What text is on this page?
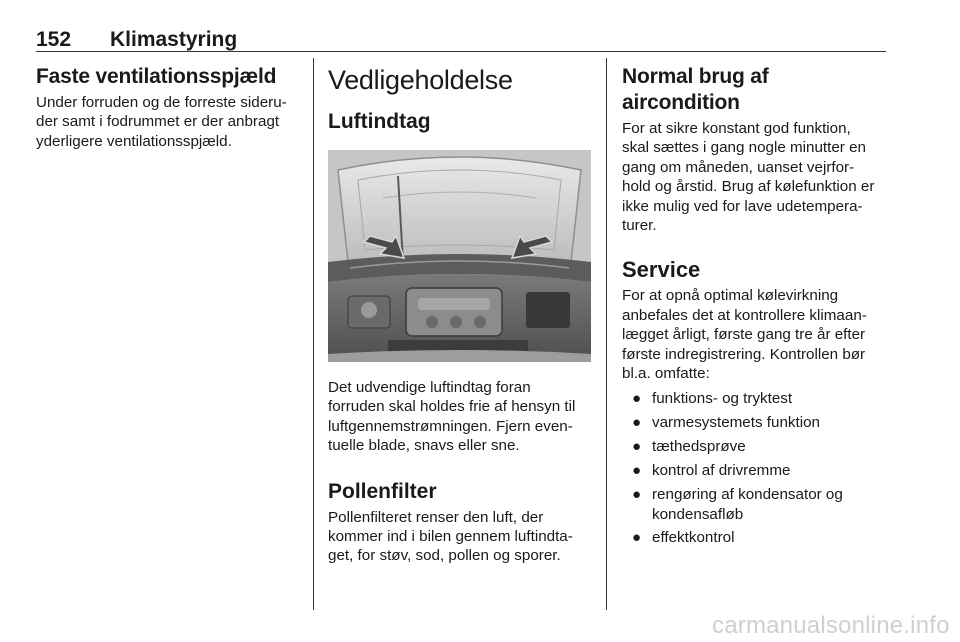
152 Klimastyring
Faste ventilationsspjæld

Under forruden og de forreste sideru-
der samt i fodrummet er der anbragt
yderligere ventilationsspjæld.

Vedligeholdelse
Luftindtag

Det udvendige luftindtag foran
forruden skal holdes frie af hensyn til
luftgennemstrømningen. Fjern even-
tuelle blade, snavs eller sne.

Pollenfilter

Pollenfilteret renser den luft, der
kommer ind i bilen gennem luftindta-
get, for støv, sod, pollen og sporer.

Normal brug af aircondition

For at sikre konstant god funktion,
skal sættes i gang nogle minutter en
gang om måneden, uanset vejrfor-
hold og årstid. Brug af kølefunktion er
ikke mulig ved for lave udetempera-
turer.

Service

For at opnå optimal kølevirkning
anbefales det at kontrollere klimaan-
lægget årligt, første gang tre år efter
første indregistrering. Kontrollen bør
bl.a. omfatte:

● funktions- og tryktest
● varmesystemets funktion
● tæthedsprøve
● kontrol af drivremme
● rengøring af kondensator og
kondensafløb
● effektkontrol
carmanualsonline.info
